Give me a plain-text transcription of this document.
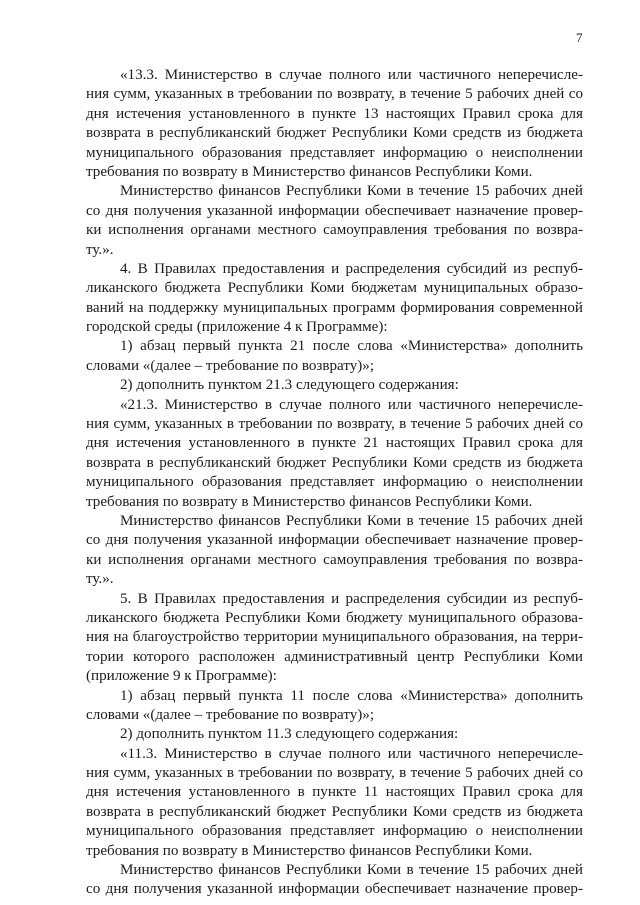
7
«13.3. Министерство в случае полного или частичного неперечисле-
ния сумм, указанных в требовании по возврату, в течение 5 рабочих дней со
дня истечения установленного в пункте 13 настоящих Правил срока для
возврата в республиканский бюджет Республики Коми средств из бюджета
муниципального образования представляет информацию о неисполнении
требования по возврату в Министерство финансов Республики Коми.
Министерство финансов Республики Коми в течение 15 рабочих дней
со дня получения указанной информации обеспечивает назначение провер-
ки исполнения органами местного самоуправления требования по возвра-
ту.».
4. В Правилах предоставления и распределения субсидий из респуб-
ликанского бюджета Республики Коми бюджетам муниципальных образо-
ваний на поддержку муниципальных программ формирования современной
городской среды (приложение 4 к Программе):
1) абзац первый пункта 21 после слова «Министерства» дополнить
словами «(далее – требование по возврату)»;
2) дополнить пунктом 21.3 следующего содержания:
«21.3. Министерство в случае полного или частичного неперечисле-
ния сумм, указанных в требовании по возврату, в течение 5 рабочих дней со
дня истечения установленного в пункте 21 настоящих Правил срока для
возврата в республиканский бюджет Республики Коми средств из бюджета
муниципального образования представляет информацию о неисполнении
требования по возврату в Министерство финансов Республики Коми.
Министерство финансов Республики Коми в течение 15 рабочих дней
со дня получения указанной информации обеспечивает назначение провер-
ки исполнения органами местного самоуправления требования по возвра-
ту.».
5. В Правилах предоставления и распределения субсидии из респуб-
ликанского бюджета Республики Коми бюджету муниципального образова-
ния на благоустройство территории муниципального образования, на терри-
тории которого расположен административный центр Республики Коми
(приложение 9 к Программе):
1) абзац первый пункта 11 после слова «Министерства» дополнить
словами «(далее – требование по возврату)»;
2) дополнить пунктом 11.3 следующего содержания:
«11.3. Министерство в случае полного или частичного неперечисле-
ния сумм, указанных в требовании по возврату, в течение 5 рабочих дней со
дня истечения установленного в пункте 11 настоящих Правил срока для
возврата в республиканский бюджет Республики Коми средств из бюджета
муниципального образования представляет информацию о неисполнении
требования по возврату в Министерство финансов Республики Коми.
Министерство финансов Республики Коми в течение 15 рабочих дней
со дня получения указанной информации обеспечивает назначение провер-
